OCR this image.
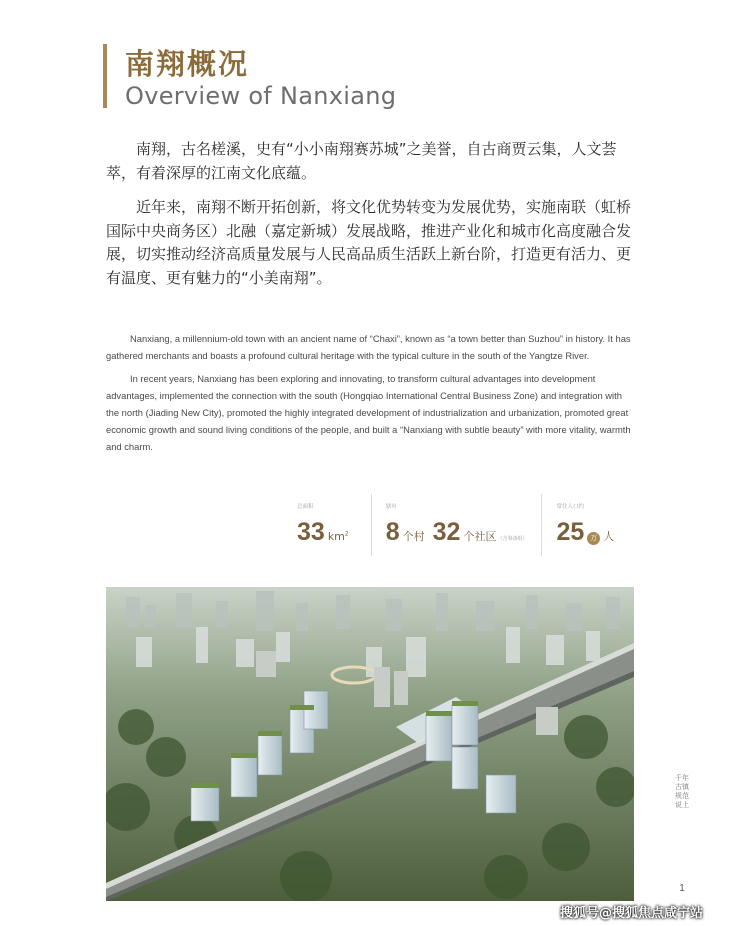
南翔概况
Overview of Nanxiang

南翔，古名槎溪，史有“小小南翔赛苏城”之美誉，自古商贾云集，人文荟萃，有着深厚的江南文化底蕴。

近年来，南翔不断开拓创新，将文化优势转变为发展优势，实施南联（虹桥国际中央商务区）北融（嘉定新城）发展战略，推进产业化和城市化高度融合发展，切实推动经济高质量发展与人民高品质生活跃上新台阶，打造更有活力、更有温度、更有魅力的“小美南翔”。

Nanxiang, a millennium-old town with an ancient name of “Chaxi”, known as “a town better than Suzhou” in history. It has gathered merchants and boasts a profound cultural heritage with the typical culture in the south of the Yangtze River.

In recent years, Nanxiang has been exploring and innovating, to transform cultural advantages into development advantages, implemented the connection with the south (Hongqiao International Central Business Zone) and integration with the north (Jiading New City), promoted the highly integrated development of industrialization and urbanization, promoted great economic growth and sound living conditions of the people, and built a “Nanxiang with subtle beauty” with more vitality, warmth and charm.

总面积
33 $km^2$
辖有
8 个村 32 个社区 （含筹备组）
常住人口约
25 万 人
千年古镇 规范说上
1
搜狐号@搜狐焦点咸宁站
